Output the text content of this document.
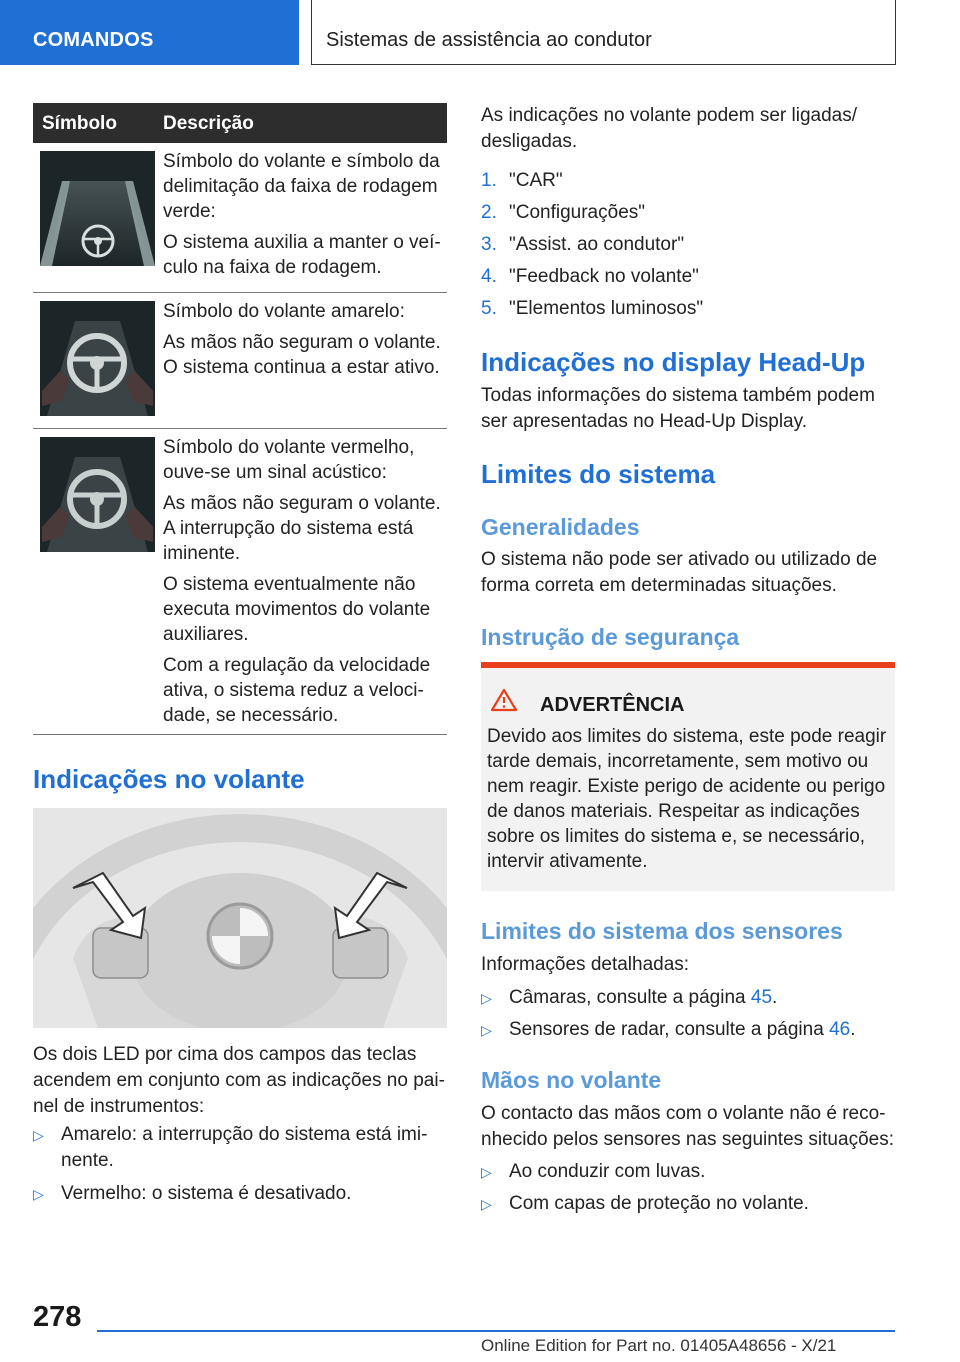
COMANDOS	Sistemas de assistência ao condutor
Símbolo Descrição

Símbolo do volante e símbolo da delimitação da faixa de rodagem verde:

O sistema auxilia a manter o veículo na faixa de rodagem.

Símbolo do volante amarelo:

As mãos não seguram o volante. O sistema continua a estar ativo.

Símbolo do volante vermelho, ouve-se um sinal acústico:

As mãos não seguram o volante. A interrupção do sistema está iminente.

O sistema eventualmente não executa movimentos do volante auxiliares.

Com a regulação da velocidade ativa, o sistema reduz a velocidade, se necessário.

Indicações no volante
Os dois LED por cima dos campos das teclas acendem em conjunto com as indicações no painel de instrumentos:
▷ Amarelo: a interrupção do sistema está iminente.
▷ Vermelho: o sistema é desativado.
As indicações no volante podem ser ligadas/ desligadas.
1. "CAR"
2. "Configurações"
3. "Assist. ao condutor"
4. "Feedback no volante"
5. "Elementos luminosos"
Indicações no display Head-Up
Todas informações do sistema também podem ser apresentadas no Head-Up Display.
Limites do sistema
Generalidades
O sistema não pode ser ativado ou utilizado de forma correta em determinadas situações.
Instrução de segurança
ADVERTÊNCIA
Devido aos limites do sistema, este pode reagir tarde demais, incorretamente, sem motivo ou nem reagir. Existe perigo de acidente ou perigo de danos materiais. Respeitar as indicações sobre os limites do sistema e, se necessário, intervir ativamente.
Limites do sistema dos sensores
Informações detalhadas:
▷ Câmaras, consulte a página 45.
▷ Sensores de radar, consulte a página 46.
Mãos no volante
O contacto das mãos com o volante não é reconhecido pelos sensores nas seguintes situações:
▷ Ao conduzir com luvas.
▷ Com capas de proteção no volante.
278
Online Edition for Part no. 01405A48656 - X/21
